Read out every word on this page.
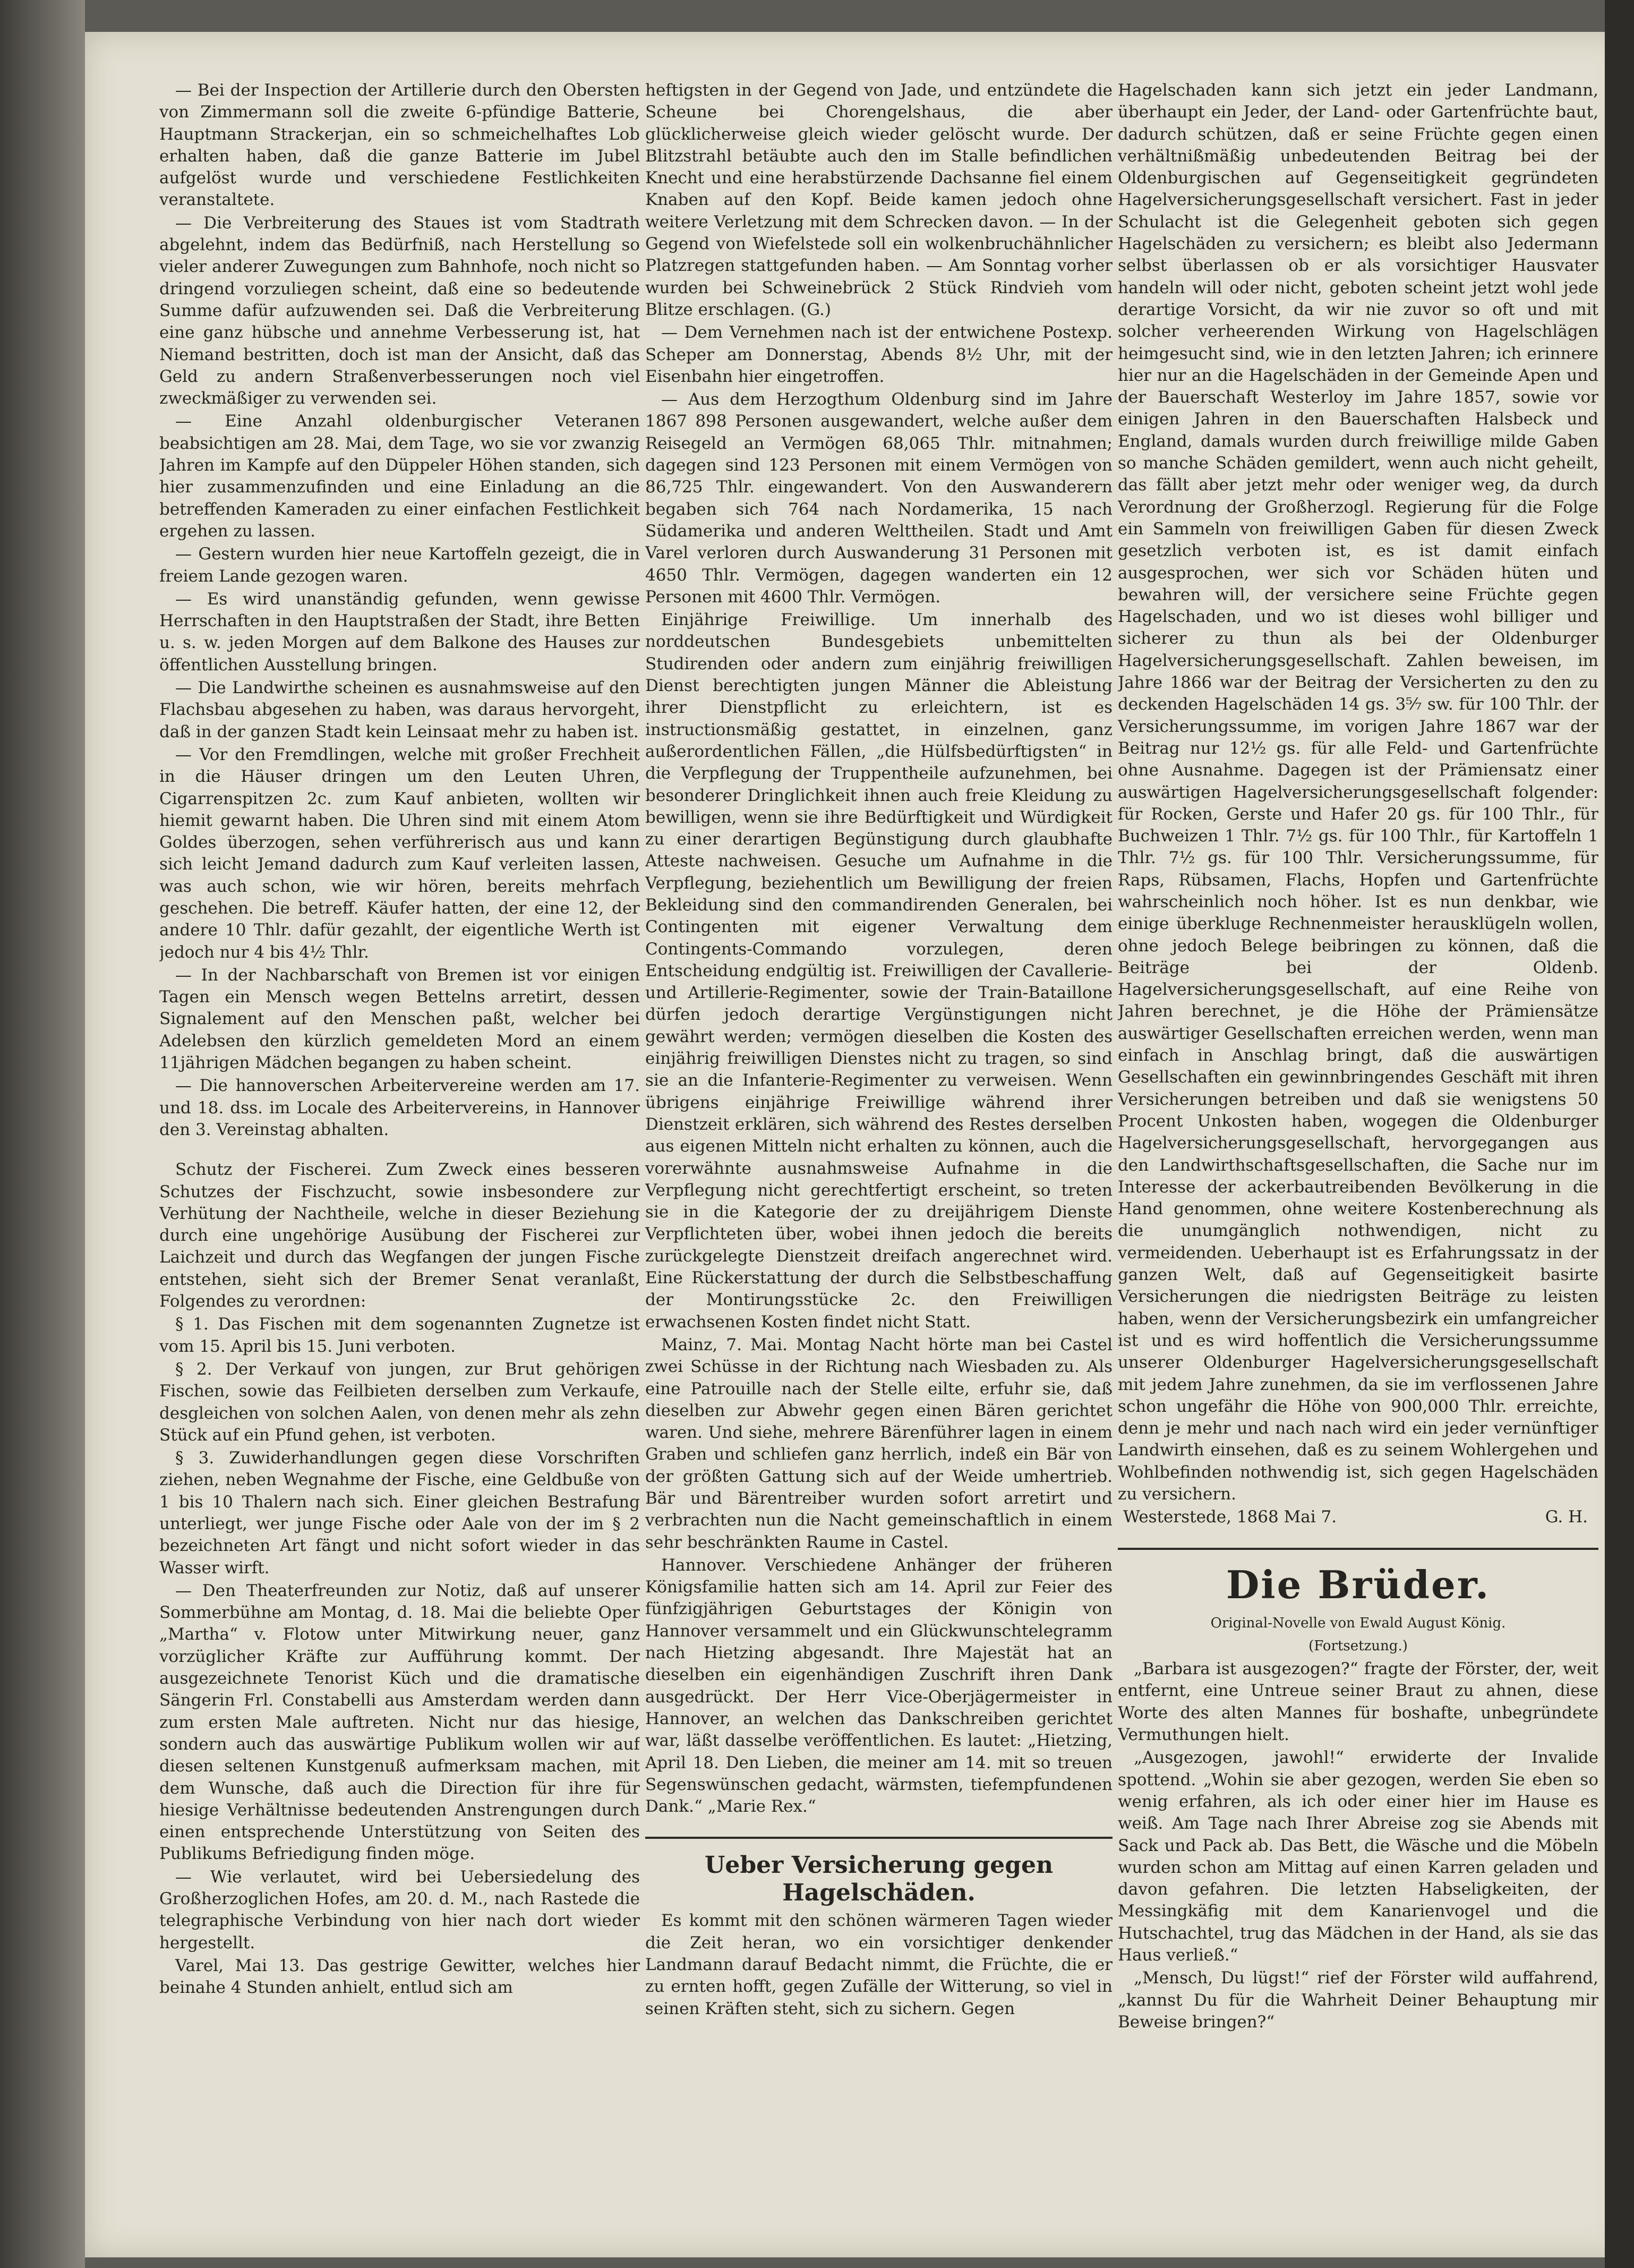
— Bei der Inspection der Artillerie durch den Obersten von Zimmermann soll die zweite 6-pfündige Batterie, Hauptmann Strackerjan, ein so schmeichelhaftes Lob erhalten haben, daß die ganze Batterie im Jubel aufgelöst wurde und verschiedene Festlichkeiten veranstaltete.

— Die Verbreiterung des Staues ist vom Stadtrath abgelehnt, indem das Bedürfniß, nach Herstellung so vieler anderer Zuwegungen zum Bahnhofe, noch nicht so dringend vorzuliegen scheint, daß eine so bedeutende Summe dafür aufzuwenden sei. Daß die Verbreiterung eine ganz hübsche und annehme Verbesserung ist, hat Niemand bestritten, doch ist man der Ansicht, daß das Geld zu andern Straßenverbesserungen noch viel zweckmäßiger zu verwenden sei.

— Eine Anzahl oldenburgischer Veteranen beabsichtigen am 28. Mai, dem Tage, wo sie vor zwanzig Jahren im Kampfe auf den Düppeler Höhen standen, sich hier zusammenzufinden und eine Einladung an die betreffenden Kameraden zu einer einfachen Festlichkeit ergehen zu lassen.

— Gestern wurden hier neue Kartoffeln gezeigt, die in freiem Lande gezogen waren.

— Es wird unanständig gefunden, wenn gewisse Herrschaften in den Hauptstraßen der Stadt, ihre Betten u. s. w. jeden Morgen auf dem Balkone des Hauses zur öffentlichen Ausstellung bringen.

— Die Landwirthe scheinen es ausnahmsweise auf den Flachsbau abgesehen zu haben, was daraus hervorgeht, daß in der ganzen Stadt kein Leinsaat mehr zu haben ist.

— Vor den Fremdlingen, welche mit großer Frechheit in die Häuser dringen um den Leuten Uhren, Cigarrenspitzen 2c. zum Kauf anbieten, wollten wir hiemit gewarnt haben. Die Uhren sind mit einem Atom Goldes überzogen, sehen verführerisch aus und kann sich leicht Jemand dadurch zum Kauf verleiten lassen, was auch schon, wie wir hören, bereits mehrfach geschehen. Die betreff. Käufer hatten, der eine 12, der andere 10 Thlr. dafür gezahlt, der eigentliche Werth ist jedoch nur 4 bis 4½ Thlr.

— In der Nachbarschaft von Bremen ist vor einigen Tagen ein Mensch wegen Bettelns arretirt, dessen Signalement auf den Menschen paßt, welcher bei Adelebsen den kürzlich gemeldeten Mord an einem 11jährigen Mädchen begangen zu haben scheint.

— Die hannoverschen Arbeitervereine werden am 17. und 18. dss. im Locale des Arbeitervereins, in Hannover den 3. Vereinstag abhalten.

Schutz der Fischerei. Zum Zweck eines besseren Schutzes der Fischzucht, sowie insbesondere zur Verhütung der Nachtheile, welche in dieser Beziehung durch eine ungehörige Ausübung der Fischerei zur Laichzeit und durch das Wegfangen der jungen Fische entstehen, sieht sich der Bremer Senat veranlaßt, Folgendes zu verordnen:

§ 1. Das Fischen mit dem sogenannten Zugnetze ist vom 15. April bis 15. Juni verboten.

§ 2. Der Verkauf von jungen, zur Brut gehörigen Fischen, sowie das Feilbieten derselben zum Verkaufe, desgleichen von solchen Aalen, von denen mehr als zehn Stück auf ein Pfund gehen, ist verboten.

§ 3. Zuwiderhandlungen gegen diese Vorschriften ziehen, neben Wegnahme der Fische, eine Geldbuße von 1 bis 10 Thalern nach sich. Einer gleichen Bestrafung unterliegt, wer junge Fische oder Aale von der im § 2 bezeichneten Art fängt und nicht sofort wieder in das Wasser wirft.

— Den Theaterfreunden zur Notiz, daß auf unserer Sommerbühne am Montag, d. 18. Mai die beliebte Oper „Martha“ v. Flotow unter Mitwirkung neuer, ganz vorzüglicher Kräfte zur Aufführung kommt. Der ausgezeichnete Tenorist Küch und die dramatische Sängerin Frl. Constabelli aus Amsterdam werden dann zum ersten Male auftreten. Nicht nur das hiesige, sondern auch das auswärtige Publikum wollen wir auf diesen seltenen Kunstgenuß aufmerksam machen, mit dem Wunsche, daß auch die Direction für ihre für hiesige Verhältnisse bedeutenden Anstrengungen durch einen entsprechende Unterstützung von Seiten des Publikums Befriedigung finden möge.

— Wie verlautet, wird bei Uebersiedelung des Großherzoglichen Hofes, am 20. d. M., nach Rastede die telegraphische Verbindung von hier nach dort wieder hergestellt.

Varel, Mai 13. Das gestrige Gewitter, welches hier beinahe 4 Stunden anhielt, entlud sich am

heftigsten in der Gegend von Jade, und entzündete die Scheune bei Chorengelshaus, die aber glücklicherweise gleich wieder gelöscht wurde. Der Blitzstrahl betäubte auch den im Stalle befindlichen Knecht und eine herabstürzende Dachsanne fiel einem Knaben auf den Kopf. Beide kamen jedoch ohne weitere Verletzung mit dem Schrecken davon. — In der Gegend von Wiefelstede soll ein wolkenbruchähnlicher Platzregen stattgefunden haben. — Am Sonntag vorher wurden bei Schweinebrück 2 Stück Rindvieh vom Blitze erschlagen. (G.)

— Dem Vernehmen nach ist der entwichene Postexp. Scheper am Donnerstag, Abends 8½ Uhr, mit der Eisenbahn hier eingetroffen.

— Aus dem Herzogthum Oldenburg sind im Jahre 1867 898 Personen ausgewandert, welche außer dem Reisegeld an Vermögen 68,065 Thlr. mitnahmen; dagegen sind 123 Personen mit einem Vermögen von 86,725 Thlr. eingewandert. Von den Auswanderern begaben sich 764 nach Nordamerika, 15 nach Südamerika und anderen Welttheilen. Stadt und Amt Varel verloren durch Auswanderung 31 Personen mit 4650 Thlr. Vermögen, dagegen wanderten ein 12 Personen mit 4600 Thlr. Vermögen.

Einjährige Freiwillige. Um innerhalb des norddeutschen Bundesgebiets unbemittelten Studirenden oder andern zum einjährig freiwilligen Dienst berechtigten jungen Männer die Ableistung ihrer Dienstpflicht zu erleichtern, ist es instructionsmäßig gestattet, in einzelnen, ganz außerordentlichen Fällen, „die Hülfsbedürftigsten“ in die Verpflegung der Truppentheile aufzunehmen, bei besonderer Dringlichkeit ihnen auch freie Kleidung zu bewilligen, wenn sie ihre Bedürftigkeit und Würdigkeit zu einer derartigen Begünstigung durch glaubhafte Atteste nachweisen. Gesuche um Aufnahme in die Verpflegung, beziehentlich um Bewilligung der freien Bekleidung sind den commandirenden Generalen, bei Contingenten mit eigener Verwaltung dem Contingents-Commando vorzulegen, deren Entscheidung endgültig ist. Freiwilligen der Cavallerie- und Artillerie-Regimenter, sowie der Train-Bataillone dürfen jedoch derartige Vergünstigungen nicht gewährt werden; vermögen dieselben die Kosten des einjährig freiwilligen Dienstes nicht zu tragen, so sind sie an die Infanterie-Regimenter zu verweisen. Wenn übrigens einjährige Freiwillige während ihrer Dienstzeit erklären, sich während des Restes derselben aus eigenen Mitteln nicht erhalten zu können, auch die vorerwähnte ausnahmsweise Aufnahme in die Verpflegung nicht gerechtfertigt erscheint, so treten sie in die Kategorie der zu dreijährigem Dienste Verpflichteten über, wobei ihnen jedoch die bereits zurückgelegte Dienstzeit dreifach angerechnet wird. Eine Rückerstattung der durch die Selbstbeschaffung der Montirungsstücke 2c. den Freiwilligen erwachsenen Kosten findet nicht Statt.

Mainz, 7. Mai. Montag Nacht hörte man bei Castel zwei Schüsse in der Richtung nach Wiesbaden zu. Als eine Patrouille nach der Stelle eilte, erfuhr sie, daß dieselben zur Abwehr gegen einen Bären gerichtet waren. Und siehe, mehrere Bärenführer lagen in einem Graben und schliefen ganz herrlich, indeß ein Bär von der größten Gattung sich auf der Weide umhertrieb. Bär und Bärentreiber wurden sofort arretirt und verbrachten nun die Nacht gemeinschaftlich in einem sehr beschränkten Raume in Castel.

Hannover. Verschiedene Anhänger der früheren Königsfamilie hatten sich am 14. April zur Feier des fünfzigjährigen Geburtstages der Königin von Hannover versammelt und ein Glückwunschtelegramm nach Hietzing abgesandt. Ihre Majestät hat an dieselben ein eigenhändigen Zuschrift ihren Dank ausgedrückt. Der Herr Vice-Oberjägermeister in Hannover, an welchen das Dankschreiben gerichtet war, läßt dasselbe veröffentlichen. Es lautet: „Hietzing, April 18. Den Lieben, die meiner am 14. mit so treuen Segenswünschen gedacht, wärmsten, tiefempfundenen Dank.“ „Marie Rex.“

Ueber Versicherung gegen Hagelschäden.

Es kommt mit den schönen wärmeren Tagen wieder die Zeit heran, wo ein vorsichtiger denkender Landmann darauf Bedacht nimmt, die Früchte, die er zu ernten hofft, gegen Zufälle der Witterung, so viel in seinen Kräften steht, sich zu sichern. Gegen

Hagelschaden kann sich jetzt ein jeder Landmann, überhaupt ein Jeder, der Land- oder Gartenfrüchte baut, dadurch schützen, daß er seine Früchte gegen einen verhältnißmäßig unbedeutenden Beitrag bei der Oldenburgischen auf Gegenseitigkeit gegründeten Hagelversicherungsgesellschaft versichert. Fast in jeder Schulacht ist die Gelegenheit geboten sich gegen Hagelschäden zu versichern; es bleibt also Jedermann selbst überlassen ob er als vorsichtiger Hausvater handeln will oder nicht, geboten scheint jetzt wohl jede derartige Vorsicht, da wir nie zuvor so oft und mit solcher verheerenden Wirkung von Hagelschlägen heimgesucht sind, wie in den letzten Jahren; ich erinnere hier nur an die Hagelschäden in der Gemeinde Apen und der Bauerschaft Westerloy im Jahre 1857, sowie vor einigen Jahren in den Bauerschaften Halsbeck und England, damals wurden durch freiwillige milde Gaben so manche Schäden gemildert, wenn auch nicht geheilt, das fällt aber jetzt mehr oder weniger weg, da durch Verordnung der Großherzogl. Regierung für die Folge ein Sammeln von freiwilligen Gaben für diesen Zweck gesetzlich verboten ist, es ist damit einfach ausgesprochen, wer sich vor Schäden hüten und bewahren will, der versichere seine Früchte gegen Hagelschaden, und wo ist dieses wohl billiger und sicherer zu thun als bei der Oldenburger Hagelversicherungsgesellschaft. Zahlen beweisen, im Jahre 1866 war der Beitrag der Versicherten zu den zu deckenden Hagelschäden 14 gs. 3⁵⁄₇ sw. für 100 Thlr. der Versicherungssumme, im vorigen Jahre 1867 war der Beitrag nur 12½ gs. für alle Feld- und Gartenfrüchte ohne Ausnahme. Dagegen ist der Prämiensatz einer auswärtigen Hagelversicherungsgesellschaft folgender: für Rocken, Gerste und Hafer 20 gs. für 100 Thlr., für Buchweizen 1 Thlr. 7½ gs. für 100 Thlr., für Kartoffeln 1 Thlr. 7½ gs. für 100 Thlr. Versicherungssumme, für Raps, Rübsamen, Flachs, Hopfen und Gartenfrüchte wahrscheinlich noch höher. Ist es nun denkbar, wie einige überkluge Rechnenmeister herausklügeln wollen, ohne jedoch Belege beibringen zu können, daß die Beiträge bei der Oldenb. Hagelversicherungsgesellschaft, auf eine Reihe von Jahren berechnet, je die Höhe der Prämiensätze auswärtiger Gesellschaften erreichen werden, wenn man einfach in Anschlag bringt, daß die auswärtigen Gesellschaften ein gewinnbringendes Geschäft mit ihren Versicherungen betreiben und daß sie wenigstens 50 Procent Unkosten haben, wogegen die Oldenburger Hagelversicherungsgesellschaft, hervorgegangen aus den Landwirthschaftsgesellschaften, die Sache nur im Interesse der ackerbautreibenden Bevölkerung in die Hand genommen, ohne weitere Kostenberechnung als die unumgänglich nothwendigen, nicht zu vermeidenden. Ueberhaupt ist es Erfahrungssatz in der ganzen Welt, daß auf Gegenseitigkeit basirte Versicherungen die niedrigsten Beiträge zu leisten haben, wenn der Versicherungsbezirk ein umfangreicher ist und es wird hoffentlich die Versicherungssumme unserer Oldenburger Hagelversicherungsgesellschaft mit jedem Jahre zunehmen, da sie im verflossenen Jahre schon ungefähr die Höhe von 900,000 Thlr. erreichte, denn je mehr und nach nach wird ein jeder vernünftiger Landwirth einsehen, daß es zu seinem Wohlergehen und Wohlbefinden nothwendig ist, sich gegen Hagelschäden zu versichern.

Westerstede, 1868 Mai 7.	G. H.
Die Brüder.

Original-Novelle von Ewald August König.

(Fortsetzung.)

„Barbara ist ausgezogen?“ fragte der Förster, der, weit entfernt, eine Untreue seiner Braut zu ahnen, diese Worte des alten Mannes für boshafte, unbegründete Vermuthungen hielt.

„Ausgezogen, jawohl!“ erwiderte der Invalide spottend. „Wohin sie aber gezogen, werden Sie eben so wenig erfahren, als ich oder einer hier im Hause es weiß. Am Tage nach Ihrer Abreise zog sie Abends mit Sack und Pack ab. Das Bett, die Wäsche und die Möbeln wurden schon am Mittag auf einen Karren geladen und davon gefahren. Die letzten Habseligkeiten, der Messingkäfig mit dem Kanarienvogel und die Hutschachtel, trug das Mädchen in der Hand, als sie das Haus verließ.“

„Mensch, Du lügst!“ rief der Förster wild auffahrend, „kannst Du für die Wahrheit Deiner Behauptung mir Beweise bringen?“
